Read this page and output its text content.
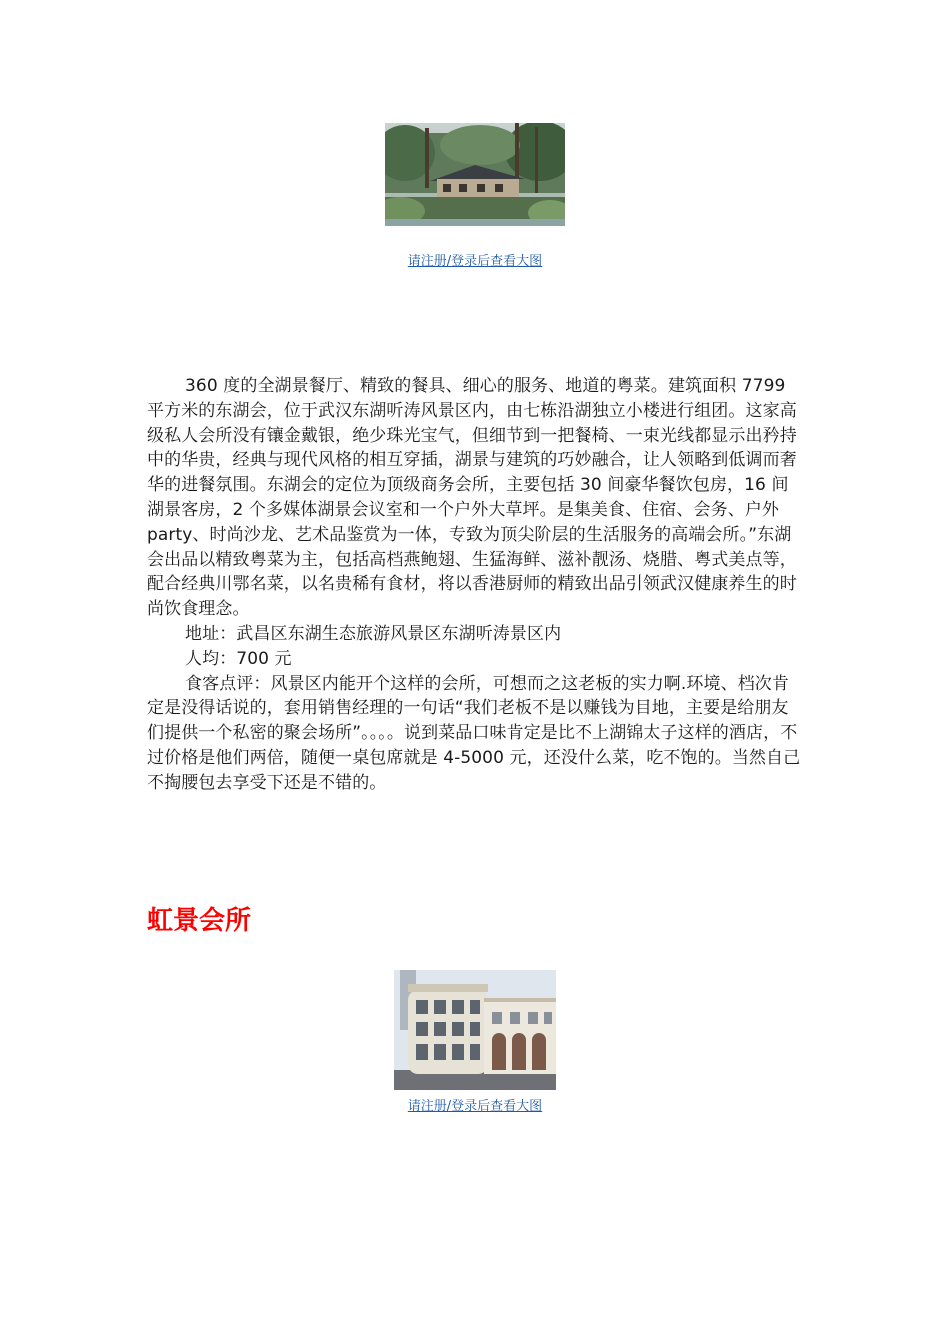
请注册/登录后查看大图

360 度的全湖景餐厅、精致的餐具、细心的服务、地道的粤菜。建筑面积 7799 平方米的东湖会，位于武汉东湖听涛风景区内，由七栋沿湖独立小楼进行组团。这家高级私人会所没有镶金戴银，绝少珠光宝气，但细节到一把餐椅、一束光线都显示出矜持中的华贵，经典与现代风格的相互穿插，湖景与建筑的巧妙融合，让人领略到低调而奢华的进餐氛围。东湖会的定位为顶级商务会所，主要包括 30 间豪华餐饮包房，16 间湖景客房，2 个多媒体湖景会议室和一个户外大草坪。是集美食、住宿、会务、户外 party、时尚沙龙、艺术品鉴赏为一体，专致为顶尖阶层的生活服务的高端会所。”东湖会出品以精致粤菜为主，包括高档燕鲍翅、生猛海鲜、滋补靓汤、烧腊、粤式美点等，配合经典川鄂名菜，以名贵稀有食材，将以香港厨师的精致出品引领武汉健康养生的时尚饮食理念。

地址：武昌区东湖生态旅游风景区东湖听涛景区内

人均：700 元

食客点评：风景区内能开个这样的会所，可想而之这老板的实力啊.环境、档次肯定是没得话说的，套用销售经理的一句话“我们老板不是以赚钱为目地，主要是给朋友们提供一个私密的聚会场所”。。。。说到菜品口味肯定是比不上湖锦太子这样的酒店，不过价格是他们两倍，随便一桌包席就是 4-5000 元，还没什么菜，吃不饱的。当然自己不掏腰包去享受下还是不错的。

虹景会所
请注册/登录后查看大图
